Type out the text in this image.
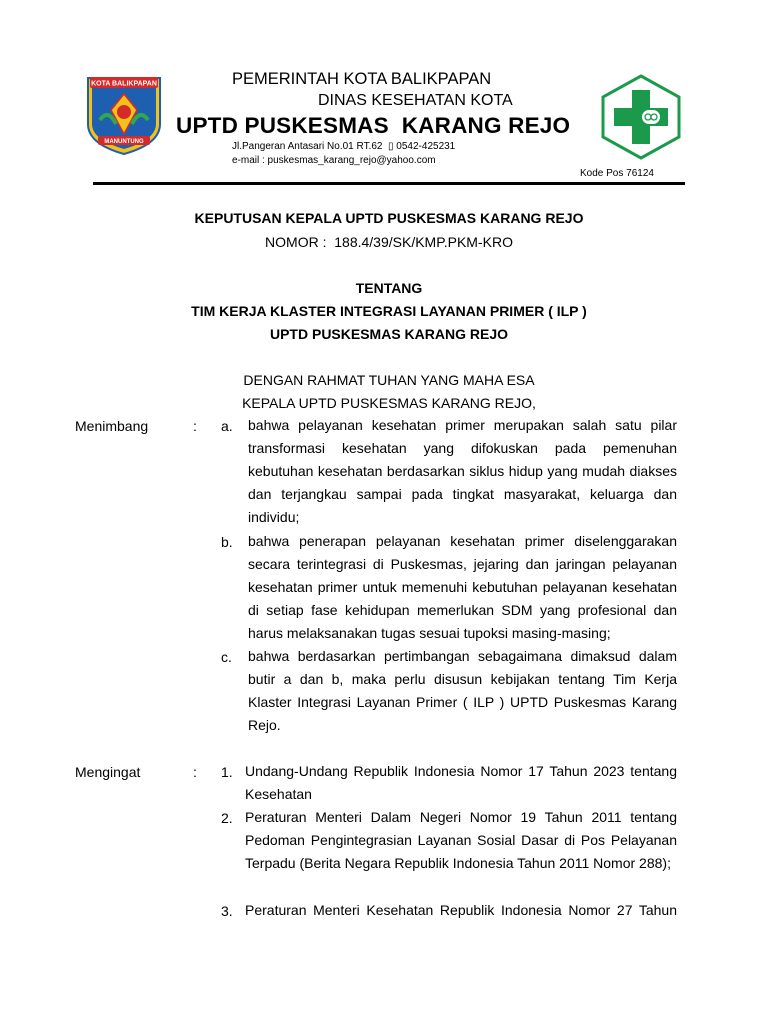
KOTA BALIKPAPAN
MANUNTUNG
PEMERINTAH KOTA BALIKPAPAN
DINAS KESEHATAN KOTA
UPTD PUSKESMAS  KARANG REJO
Jl.Pangeran Antasari No.01 RT.62  ▯ 0542-425231
e-mail : puskesmas_karang_rejo@yahoo.com
Kode Pos 76124
KEPUTUSAN KEPALA UPTD PUSKESMAS KARANG REJO
NOMOR :  188.4/39/SK/KMP.PKM-KRO
TENTANG
TIM KERJA KLASTER INTEGRASI LAYANAN PRIMER ( ILP )
UPTD PUSKESMAS KARANG REJO
DENGAN RAHMAT TUHAN YANG MAHA ESA
KEPALA UPTD PUSKESMAS KARANG REJO,
Menimbang	: a. bahwa pelayanan kesehatan primer merupakan salah satu pilar transformasi kesehatan yang difokuskan pada pemenuhan kebutuhan kesehatan berdasarkan siklus hidup yang mudah diakses dan terjangkau sampai pada tingkat masyarakat, keluarga dan individu;
b. bahwa penerapan pelayanan kesehatan primer diselenggarakan secara terintegrasi di Puskesmas, jejaring dan jaringan pelayanan kesehatan primer untuk memenuhi kebutuhan pelayanan kesehatan di setiap fase kehidupan memerlukan SDM yang profesional dan harus melaksanakan tugas sesuai tupoksi masing-masing;
c. bahwa berdasarkan pertimbangan sebagaimana dimaksud dalam butir a dan b, maka perlu disusun kebijakan tentang Tim Kerja Klaster Integrasi Layanan Primer ( ILP ) UPTD Puskesmas Karang Rejo.
Mengingat	: 1. Undang-Undang Republik Indonesia Nomor 17 Tahun 2023 tentang Kesehatan
2. Peraturan Menteri Dalam Negeri Nomor 19 Tahun 2011 tentang Pedoman Pengintegrasian Layanan Sosial Dasar di Pos Pelayanan Terpadu (Berita Negara Republik Indonesia Tahun 2011 Nomor 288);
3. Peraturan Menteri Kesehatan Republik Indonesia Nomor 27 Tahun
